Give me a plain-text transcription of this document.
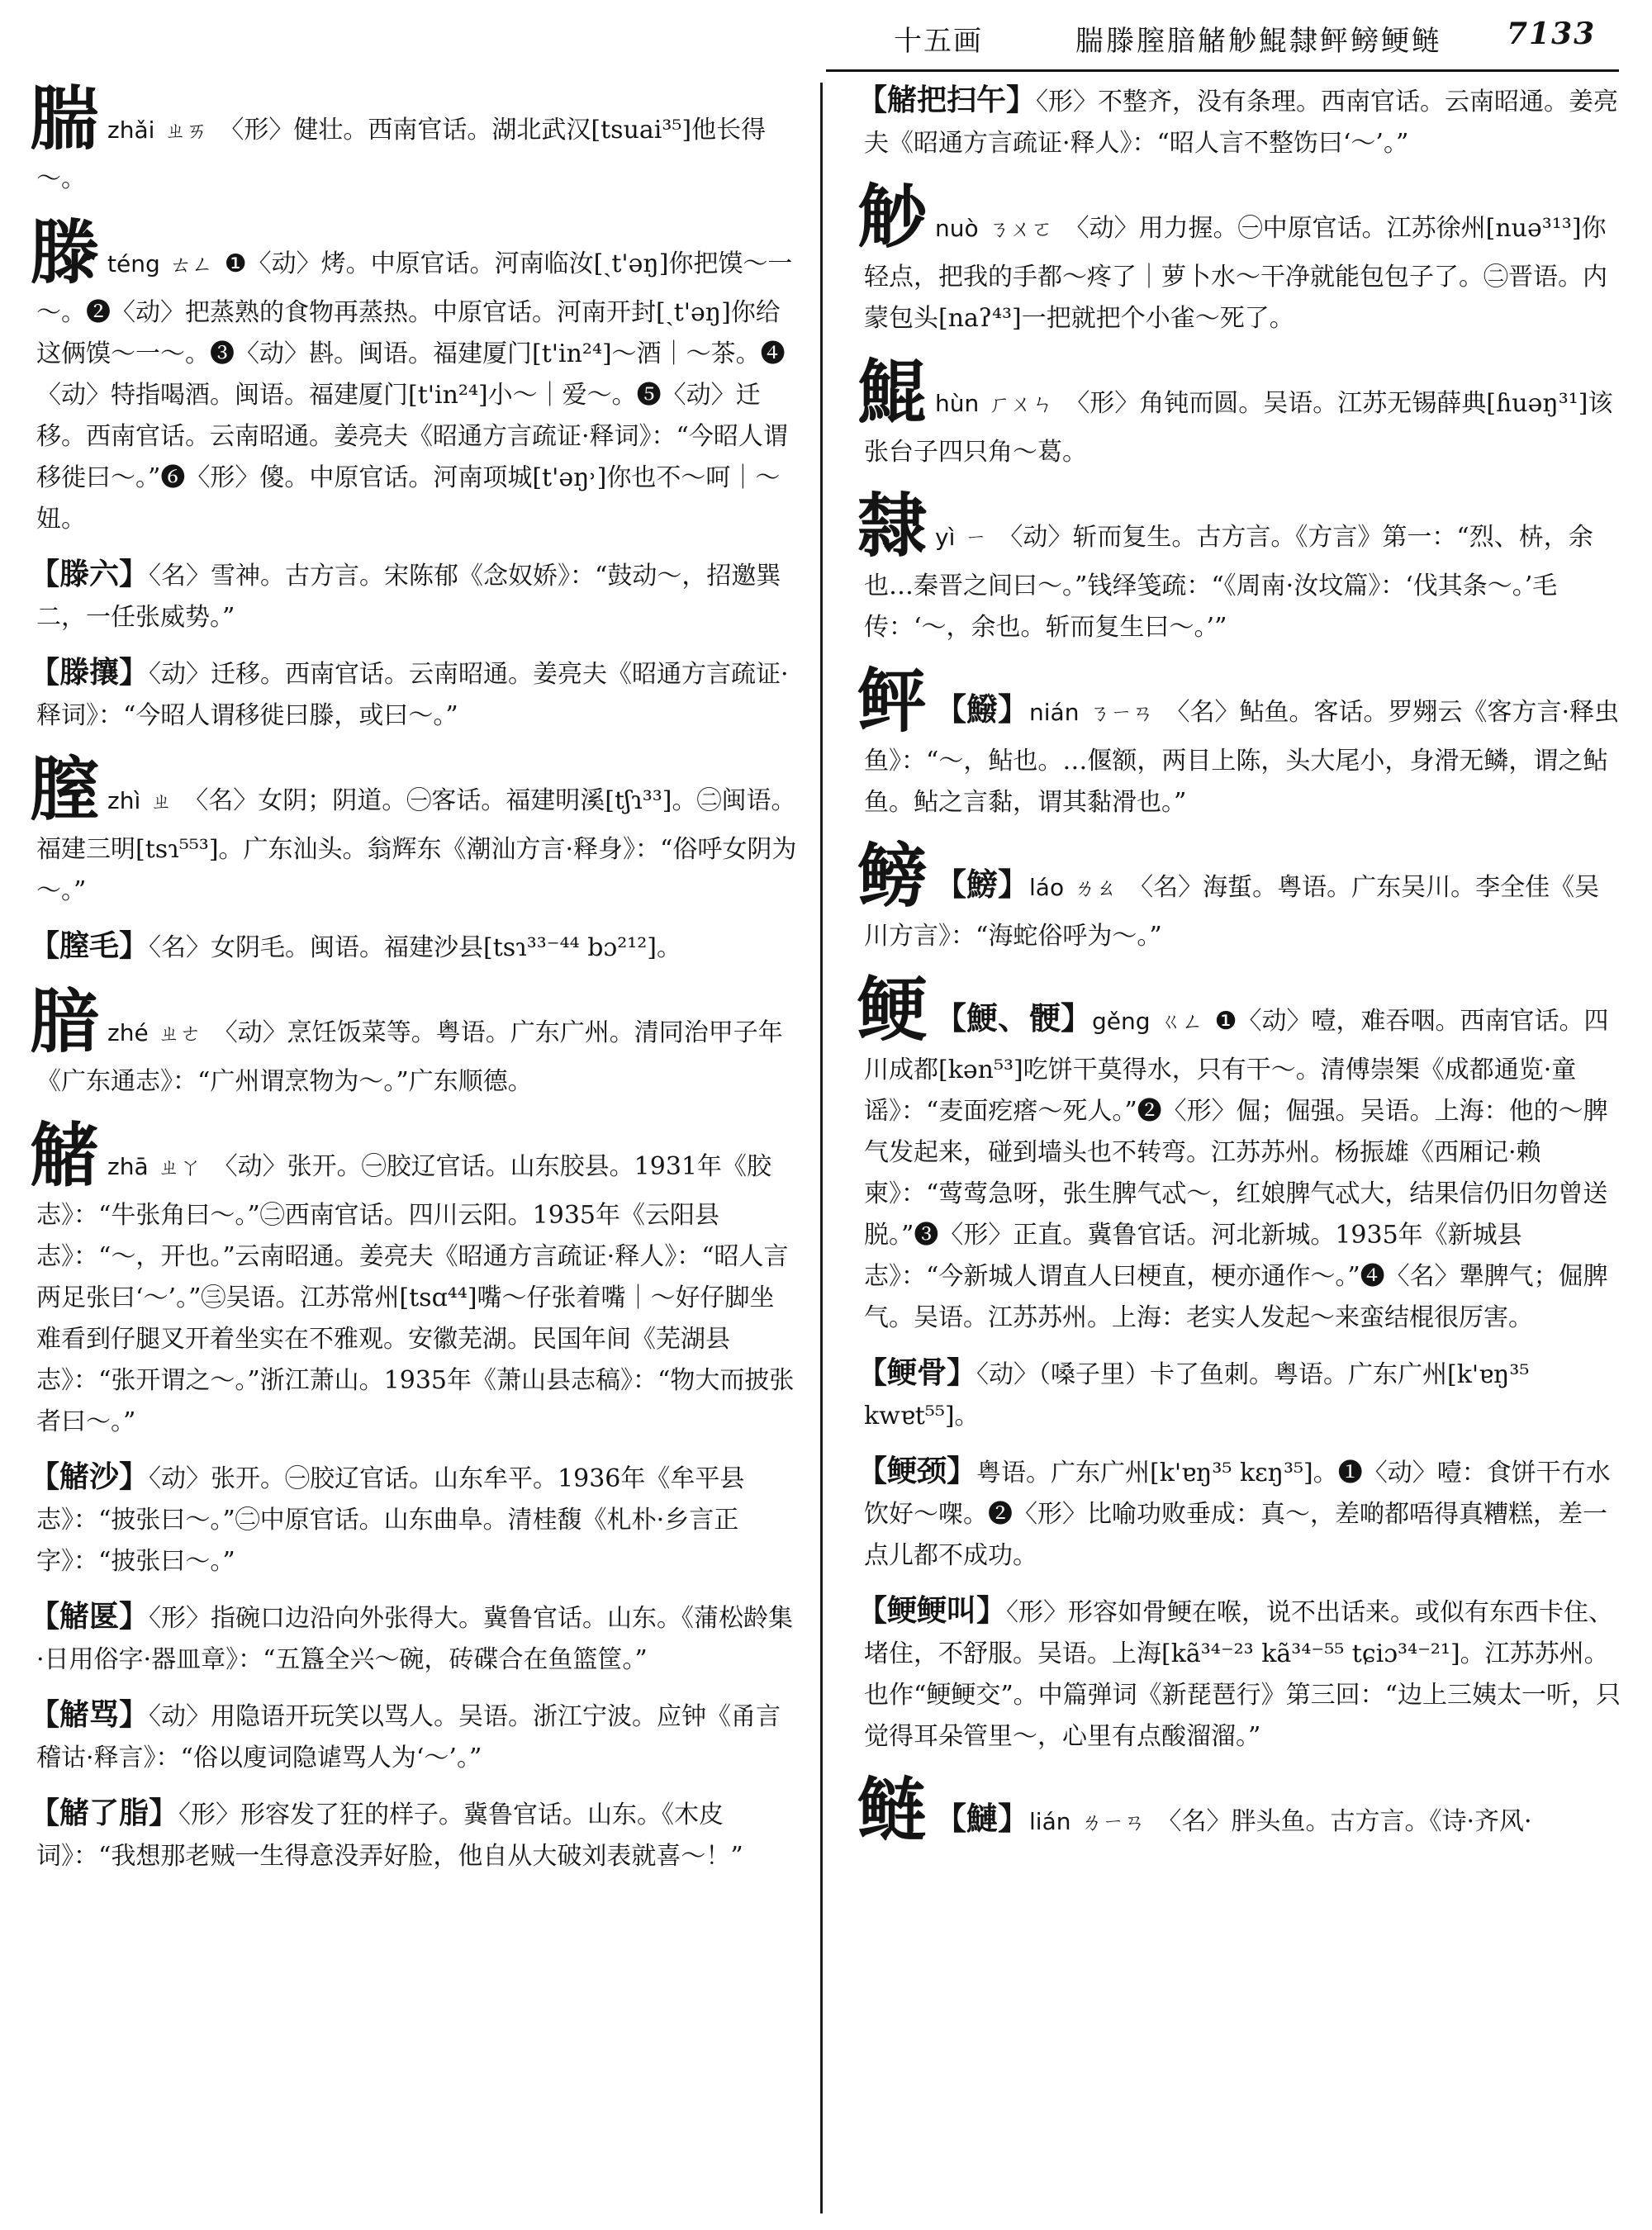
十五画	腨滕膣腤觰觘鯤隸鲆鳑鲠鲢 7133
腨zhǎi ㄓㄞ 〈形〉健壮。西南官话。湖北武汉[tsuai³⁵]他长得～。
滕téng ㄊㄥ ❶〈动〉烤。中原官话。河南临汝[ˏt'əŋ]你把馍～一～。❷〈动〉把蒸熟的食物再蒸热。中原官话。河南开封[ˏt'əŋ]你给这俩馍～一～。❸〈动〉斟。闽语。福建厦门[t'in²⁴]～酒｜～茶。❹〈动〉特指喝酒。闽语。福建厦门[t'in²⁴]小～｜爱～。❺〈动〉迁移。西南官话。云南昭通。姜亮夫《昭通方言疏证·释词》：“今昭人谓移徙曰～。”❻〈形〉傻。中原官话。河南项城[t'əŋ˒]你也不～呵｜～妞。
【滕六】〈名〉雪神。古方言。宋陈郁《念奴娇》：“鼓动～，招邀巽二，一任张威势。”
【滕攘】〈动〉迁移。西南官话。云南昭通。姜亮夫《昭通方言疏证·释词》：“今昭人谓移徙曰滕，或曰～。”
膣zhì ㄓ 〈名〉女阴；阴道。㊀客话。福建明溪[tʃɿ³³]。㊁闽语。福建三明[tsɿ⁵⁵³]。广东汕头。翁辉东《潮汕方言·释身》：“俗呼女阴为～。”
【膣毛】〈名〉女阴毛。闽语。福建沙县[tsɿ³³⁻⁴⁴ bɔ²¹²]。
腤zhé ㄓㄜ 〈动〉烹饪饭菜等。粤语。广东广州。清同治甲子年《广东通志》：“广州谓烹物为～。”广东顺德。
觰zhā ㄓㄚ 〈动〉张开。㊀胶辽官话。山东胶县。1931年《胶志》：“牛张角曰～。”㊁西南官话。四川云阳。1935年《云阳县志》：“～，开也。”云南昭通。姜亮夫《昭通方言疏证·释人》：“昭人言两足张曰‘～’。”㊂吴语。江苏常州[tsɑ⁴⁴]嘴～仔张着嘴｜～好仔脚坐难看到仔腿叉开着坐实在不雅观。安徽芜湖。民国年间《芜湖县志》：“张开谓之～。”浙江萧山。1935年《萧山县志稿》：“物大而披张者曰～。”
【觰沙】〈动〉张开。㊀胶辽官话。山东牟平。1936年《牟平县志》：“披张曰～。”㊁中原官话。山东曲阜。清桂馥《札朴·乡言正字》：“披张曰～。”
【觰匽】〈形〉指碗口边沿向外张得大。冀鲁官话。山东。《蒲松龄集·日用俗字·器皿章》：“五簋全兴～碗，砖碟合在鱼篮筐。”
【觰骂】〈动〉用隐语开玩笑以骂人。吴语。浙江宁波。应钟《甬言稽诂·释言》：“俗以廋词隐谑骂人为‘～’。”
【觰了脂】〈形〉形容发了狂的样子。冀鲁官话。山东。《木皮词》：“我想那老贼一生得意没弄好脸，他自从大破刘表就喜～！”
【觰把扫午】〈形〉不整齐，没有条理。西南官话。云南昭通。姜亮夫《昭通方言疏证·释人》：“昭人言不整饬曰‘～’。”
觘nuò ㄋㄨㄛ 〈动〉用力握。㊀中原官话。江苏徐州[nuə³¹³]你轻点，把我的手都～疼了｜萝卜水～干净就能包包子了。㊁晋语。内蒙包头[naʔ⁴³]一把就把个小雀～死了。
鯤hùn ㄏㄨㄣ 〈形〉角钝而圆。吴语。江苏无锡薛典[ɦuəŋ³¹]该张台子四只角～葛。
隸yì ㄧ 〈动〉斩而复生。古方言。《方言》第一：“烈、枿，余也…秦晋之间曰～。”钱绎笺疏：“《周南·汝坟篇》：‘伐其条～。’毛传：‘～，余也。斩而复生曰～。’”
鲆 【鱍】nián ㄋㄧㄢ 〈名〉鲇鱼。客话。罗翙云《客方言·释虫鱼》：“～，鲇也。…偃额，两目上陈，头大尾小，身滑无鳞，谓之鲇鱼。鲇之言黏，谓其黏滑也。”
鳑 【鰟】láo ㄌㄠ 〈名〉海蜇。粤语。广东吴川。李全佳《吴川方言》：“海蛇俗呼为～。”
鲠 【鯁、骾】gěng ㄍㄥ ❶〈动〉噎，难吞咽。西南官话。四川成都[kən⁵³]吃饼干莫得水，只有干～。清傅崇榘《成都通览·童谣》：“麦面疙瘩～死人。”❷〈形〉倔；倔强。吴语。上海：他的～脾气发起来，碰到墙头也不转弯。江苏苏州。杨振雄《西厢记·赖柬》：“莺莺急呀，张生脾气忒～，红娘脾气忒大，结果信仍旧勿曾送脱。”❸〈形〉正直。冀鲁官话。河北新城。1935年《新城县志》：“今新城人谓直人曰梗直，梗亦通作～。”❹〈名〉犟脾气；倔脾气。吴语。江苏苏州。上海：老实人发起～来蛮结棍很厉害。
【鲠骨】〈动〉（嗓子里）卡了鱼刺。粤语。广东广州[k'ɐŋ³⁵ kwɐt⁵⁵]。
【鲠颈】粤语。广东广州[k'ɐŋ³⁵ kɛŋ³⁵]。❶〈动〉噎：食饼干冇水饮好～㗎。❷〈形〉比喻功败垂成：真～，差啲都唔得真糟糕，差一点儿都不成功。
【鲠鲠叫】〈形〉形容如骨鲠在喉，说不出话来。或似有东西卡住、堵住，不舒服。吴语。上海[kã³⁴⁻²³ kã³⁴⁻⁵⁵ tɕiɔ³⁴⁻²¹]。江苏苏州。也作“鲠鲠交”。中篇弹词《新琵琶行》第三回：“边上三姨太一听，只觉得耳朵管里～，心里有点酸溜溜。”
鲢 【鰱】lián ㄌㄧㄢ 〈名〉胖头鱼。古方言。《诗·齐风·
